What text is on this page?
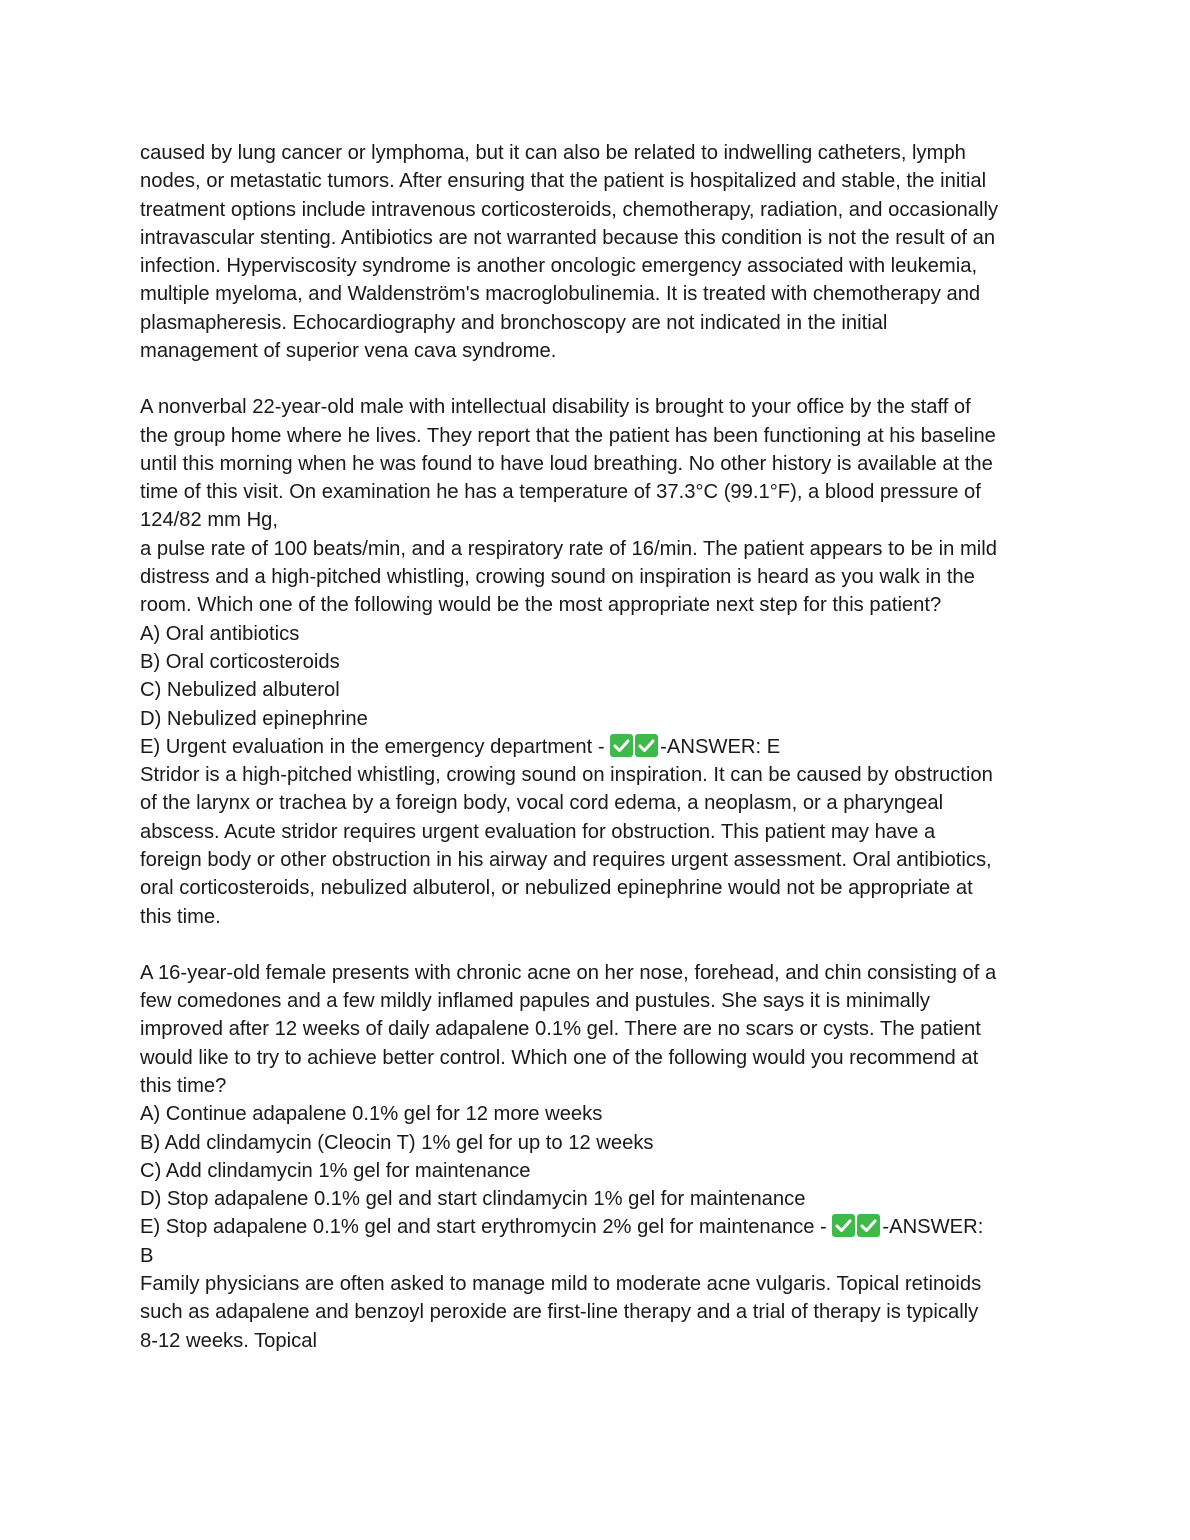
caused by lung cancer or lymphoma, but it can also be related to indwelling catheters, lymph
nodes, or metastatic tumors. After ensuring that the patient is hospitalized and stable, the initial
treatment options include intravenous corticosteroids, chemotherapy, radiation, and occasionally
intravascular stenting. Antibiotics are not warranted because this condition is not the result of an
infection. Hyperviscosity syndrome is another oncologic emergency associated with leukemia,
multiple myeloma, and Waldenström's macroglobulinemia. It is treated with chemotherapy and
plasmapheresis. Echocardiography and bronchoscopy are not indicated in the initial
management of superior vena cava syndrome.
A nonverbal 22-year-old male with intellectual disability is brought to your office by the staff of
the group home where he lives. They report that the patient has been functioning at his baseline
until this morning when he was found to have loud breathing. No other history is available at the
time of this visit. On examination he has a temperature of 37.3°C (99.1°F), a blood pressure of
124/82 mm Hg,
a pulse rate of 100 beats/min, and a respiratory rate of 16/min. The patient appears to be in mild
distress and a high-pitched whistling, crowing sound on inspiration is heard as you walk in the
room. Which one of the following would be the most appropriate next step for this patient?
A) Oral antibiotics
B) Oral corticosteroids
C) Nebulized albuterol
D) Nebulized epinephrine
E) Urgent evaluation in the emergency department -
-ANSWER: E
Stridor is a high-pitched whistling, crowing sound on inspiration. It can be caused by obstruction
of the larynx or trachea by a foreign body, vocal cord edema, a neoplasm, or a pharyngeal
abscess. Acute stridor requires urgent evaluation for obstruction. This patient may have a
foreign body or other obstruction in his airway and requires urgent assessment. Oral antibiotics,
oral corticosteroids, nebulized albuterol, or nebulized epinephrine would not be appropriate at
this time.
A 16-year-old female presents with chronic acne on her nose, forehead, and chin consisting of a
few comedones and a few mildly inflamed papules and pustules. She says it is minimally
improved after 12 weeks of daily adapalene 0.1% gel. There are no scars or cysts. The patient
would like to try to achieve better control. Which one of the following would you recommend at
this time?
A) Continue adapalene 0.1% gel for 12 more weeks
B) Add clindamycin (Cleocin T) 1% gel for up to 12 weeks
C) Add clindamycin 1% gel for maintenance
D) Stop adapalene 0.1% gel and start clindamycin 1% gel for maintenance
E) Stop adapalene 0.1% gel and start erythromycin 2% gel for maintenance -
-ANSWER:
B
Family physicians are often asked to manage mild to moderate acne vulgaris. Topical retinoids
such as adapalene and benzoyl peroxide are first-line therapy and a trial of therapy is typically
8-12 weeks. Topical
